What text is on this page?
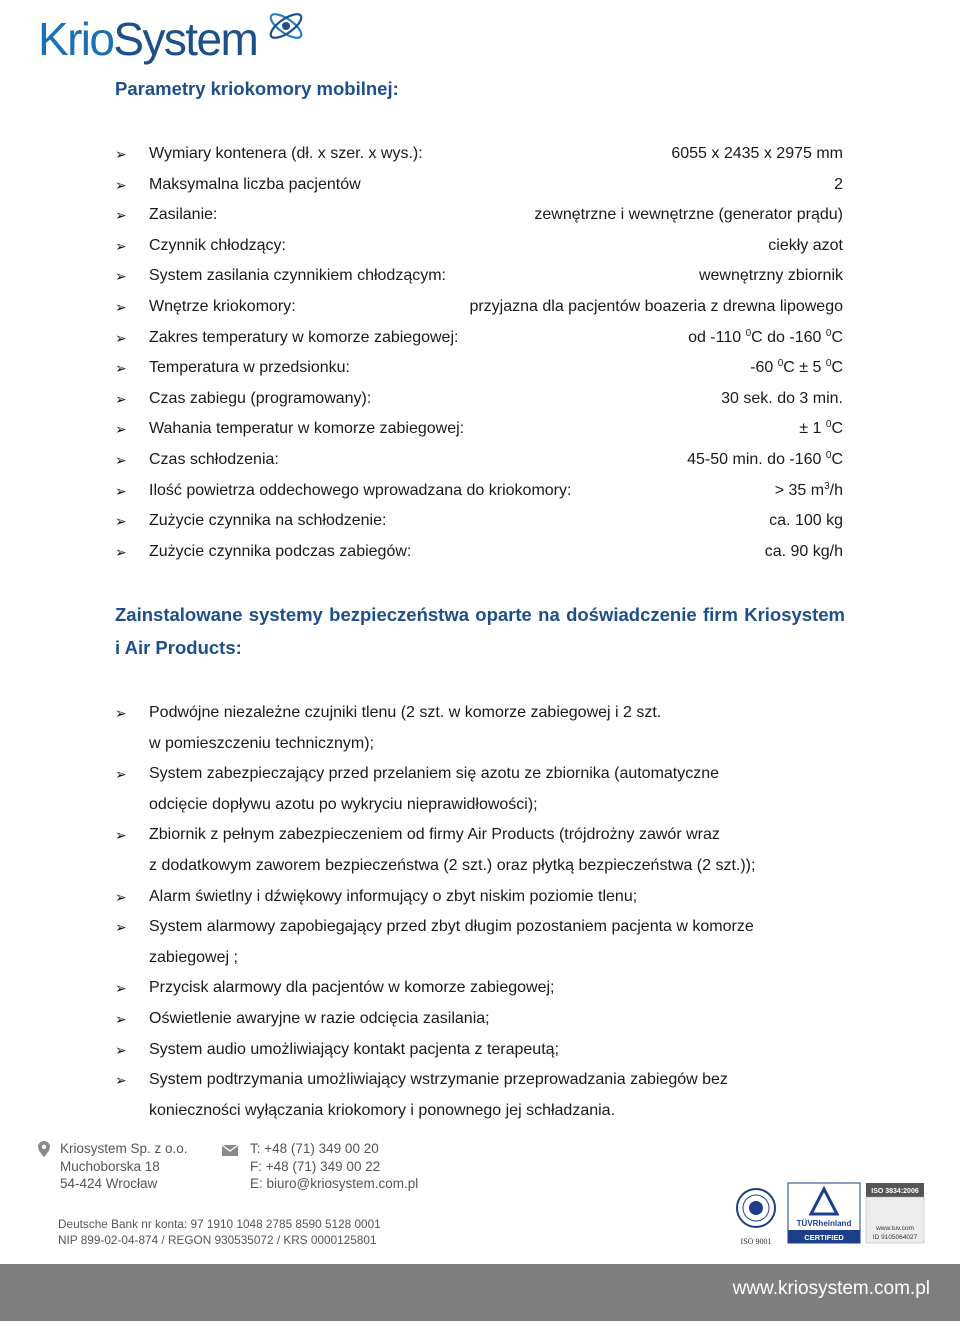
KrioSystem
Parametry kriokomory mobilnej:
➢ Wymiary kontenera (dł. x szer. x wys.):	6055 x 2435 x 2975 mm
➢ Maksymalna liczba pacjentów	2
➢ Zasilanie:	zewnętrzne i wewnętrzne (generator prądu)
➢ Czynnik chłodzący:	ciekły azot
➢ System zasilania czynnikiem chłodzącym:	wewnętrzny zbiornik
➢ Wnętrze kriokomory:	przyjazna dla pacjentów boazeria z drewna lipowego
➢ Zakres temperatury w komorze zabiegowej:	od -110 $^0$C do -160 $^0$C
➢ Temperatura w przedsionku:	-60 $^0$C ± 5 $^0$C
➢ Czas zabiegu (programowany):	30 sek. do 3 min.
➢ Wahania temperatur w komorze zabiegowej:	± 1 $^0$C
➢ Czas schłodzenia:	45-50 min. do -160 $^0$C
➢ Ilość powietrza oddechowego wprowadzana do kriokomory:	> 35 $m^3/h$
➢ Zużycie czynnika na schłodzenie:	ca. 100 kg
➢ Zużycie czynnika podczas zabiegów:	ca. 90 kg/h
Zainstalowane systemy bezpieczeństwa oparte na doświadczenie firm Kriosystem i Air Products:
➢ Podwójne niezależne czujniki tlenu (2 szt. w komorze zabiegowej i 2 szt.
w pomieszczeniu technicznym);
➢ System zabezpieczający przed przelaniem się azotu ze zbiornika (automatyczne
odcięcie dopływu azotu po wykryciu nieprawidłowości);
➢ Zbiornik z pełnym zabezpieczeniem od firmy Air Products (trójdrożny zawór wraz
z dodatkowym zaworem bezpieczeństwa (2 szt.) oraz płytką bezpieczeństwa (2 szt.));
➢ Alarm świetlny i dźwiękowy informujący o zbyt niskim poziomie tlenu;
➢ System alarmowy zapobiegający przed zbyt długim pozostaniem pacjenta w komorze
zabiegowej ;
➢ Przycisk alarmowy dla pacjentów w komorze zabiegowej;
➢ Oświetlenie awaryjne w razie odcięcia zasilania;
➢ System audio umożliwiający kontakt pacjenta z terapeutą;
➢ System podtrzymania umożliwiający wstrzymanie przeprowadzania zabiegów bez
konieczności wyłączania kriokomory i ponownego jej schładzania.
Kriosystem Sp. z o.o.
Muchoborska 18
54-424 Wrocław
T: +48 (71) 349 00 20
F: +48 (71) 349 00 22
E: biuro@kriosystem.com.pl
Deutsche Bank nr konta: 97 1910 1048 2785 8590 5128 0001
NIP 899-02-04-874 / REGON 930535072 / KRS 0000125801	ISO 9001
TÜVRheinland
CERTIFIED
ISO 3834:2006
www.tuv.com
ID 9105064027
www.kriosystem.com.pl
